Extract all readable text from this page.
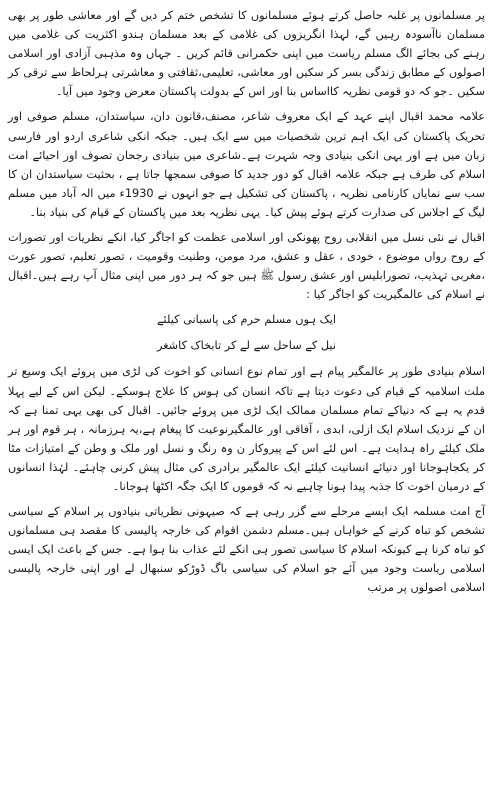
پر مسلمانوں پر غلبہ حاصل کرتے ہوئے مسلمانوں کا تشخص ختم کر دیں گے اور معاشی طور پر بھی مسلمان ناآسودہ رہیں گے، لہذا انگریزوں کی غلامی کے بعد مسلمان ہندو اکثریت کی غلامی میں رہنے کی بجائے الگ مسلم ریاست میں اپنی حکمرانی قائم کریں ۔ جہاں وہ مذہبی آزادی اور اسلامی اصولوں کے مطابق زندگی بسر کر سکیں اور معاشی، تعلیمی،ثقافتی و معاشرتی ہرلحاظ سے ترقی کر سکیں ۔جو کہ دو قومی نظریہ کااساس بنا اور اس کے بدولت پاکستان معرض وجود میں آیا۔

علامہ محمد اقبال اپنے عہد کے ایک معروف شاعر، مصنف،قانون دان، سیاستدان، مسلم صوفی اور تحریک پاکستان کی ایک اہم ترین شخصیات میں سے ایک ہیں۔ جبکہ انکی شاعری اردو اور فارسی زبان میں ہے اور یہی انکی بنیادی وجہ شہرت ہے۔شاعری میں بنیادی رجحان تصوف اور احیائے امت اسلام کی طرف ہے جبکہ علامہ اقبال کو دور جدید کا صوفی سمجھا جاتا ہے ، بحثیت سیاستدان ان کا سب سے نمایاں کارنامی نظریہ ، پاکستان کی تشکیل ہے جو انہوں نے 1930ء میں الہ آباد میں مسلم لیگ کے اجلاس کی صدارت کرتے ہوئے پیش کیا۔ یہی نظریہ بعد میں پاکستان کے قیام کی بنیاد بنا۔

اقبال نے نئی نسل میں انقلابی روح پھونکی اور اسلامی عظمت کو اجاگر کیا، انکے نظریات اور تصورات کے روح رواں موضوع ، خودی ، عقل و عشق، مرد مومن، وطنیت وقومیت ، تصور تعلیم، تصور عورت ،مغربی تہذیب، تصورابلیس اور عشق رسول ﷺ ہیں جو کہ ہر دور میں اپنی مثال آپ رہے ہیں۔اقبال نے اسلام کی عالمگیریت کو اجاگر کیا :

ایک ہوں مسلم حرم کی پاسبانی کیلئے
نیل کے ساحل سے لے کر تابخاک کاشغر

اسلام بنیادی طور پر عالمگیر پیام ہے اور تمام نوع انسانی کو اخوت کی لڑی میں پروئے ایک وسیع تر ملت اسلامیہ کے قیام کی دعوت دیتا ہے تاکہ انسان کی ہوس کا علاج ہوسکے۔ لیکن اس کے لیے پہلا قدم یہ ہے کہ دنیاکے تمام مسلمان ممالک ایک لڑی میں پروئے جائیں۔ اقبال کی بھی یہی تمنا ہے کہ ان کے نزدیک اسلام ایک ازلی، ابدی ، آفاقی اور عالمگیرنوعیت کا پیغام ہے،یہ ہرزمانہ ، ہر قوم اور ہر ملک کیلئے راہ ہدایت ہے۔ اس لئے اس کے پیروکار ن وہ رنگ و نسل اور ملک و وطن کے امتیازات مٹا کر یکجاہوجانا اور دنیائے انسانیت کیلئے ایک عالمگیر برادری کی مثال پیش کرنی چاہئے۔ لہٰذا انسانوں کے درمیان اخوت کا جذبہ پیدا ہونا چاہیے نہ کہ قوموں کا ایک جگہ اکٹھا ہوجانا۔

آج امت مسلمہ ایک ایسے مرحلے سے گزر رہی ہے کہ صیہونی نظریاتی بنیادوں پر اسلام کے سیاسی تشخص کو تباہ کرنے کے خواہاں ہیں۔مسلم دشمن اقوام کی خارجہ پالیسی کا مقصد ہی مسلمانوں کو تباہ کرنا ہے کیونکہ اسلام کا سیاسی تصور ہی انکے لئے عذاب بنا ہوا ہے۔ جس کے باعث ایک ایسی اسلامی ریاست وجود میں آئے جو اسلام کی سیاسی باگ ڈوڑکو سنبھال لے اور اپنی خارجہ پالیسی اسلامی اصولوں پر مرتب
